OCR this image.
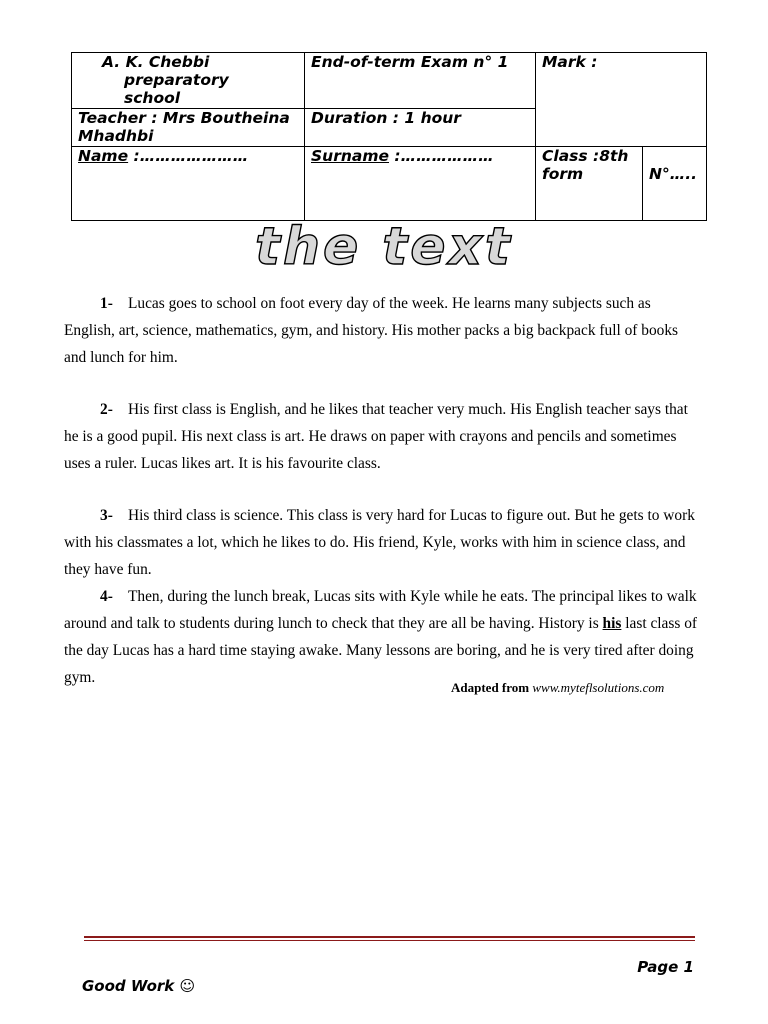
A. K. Chebbi
preparatory
school	End-of-term Exam n° 1	Mark :	
Teacher : Mrs Boutheina Mhadhbi	Duration : 1 hour		
Name :…………………	Surname :………………	Class :8th form	N°…..
the text

1- Lucas goes to school on foot every day of the week. He learns many subjects such as English, art, science, mathematics, gym, and history. His mother packs a big backpack full of books and lunch for him.

2- His first class is English, and he likes that teacher very much. His English teacher says that he is a good pupil. His next class is art. He draws on paper with crayons and pencils and sometimes uses a ruler. Lucas likes art. It is his favourite class.

3- His third class is science. This class is very hard for Lucas to figure out. But he gets to work with his classmates a lot, which he likes to do. His friend, Kyle, works with him in science class, and they have fun.

4- Then, during the lunch break, Lucas sits with Kyle while he eats. The principal likes to walk around and talk to students during lunch to check that they are all be having. History is his last class of the day Lucas has a hard time staying awake. Many lessons are boring, and he is very tired after doing gym.

Adapted from www.myteflsolutions.com
Page 1
Good Work ☺
